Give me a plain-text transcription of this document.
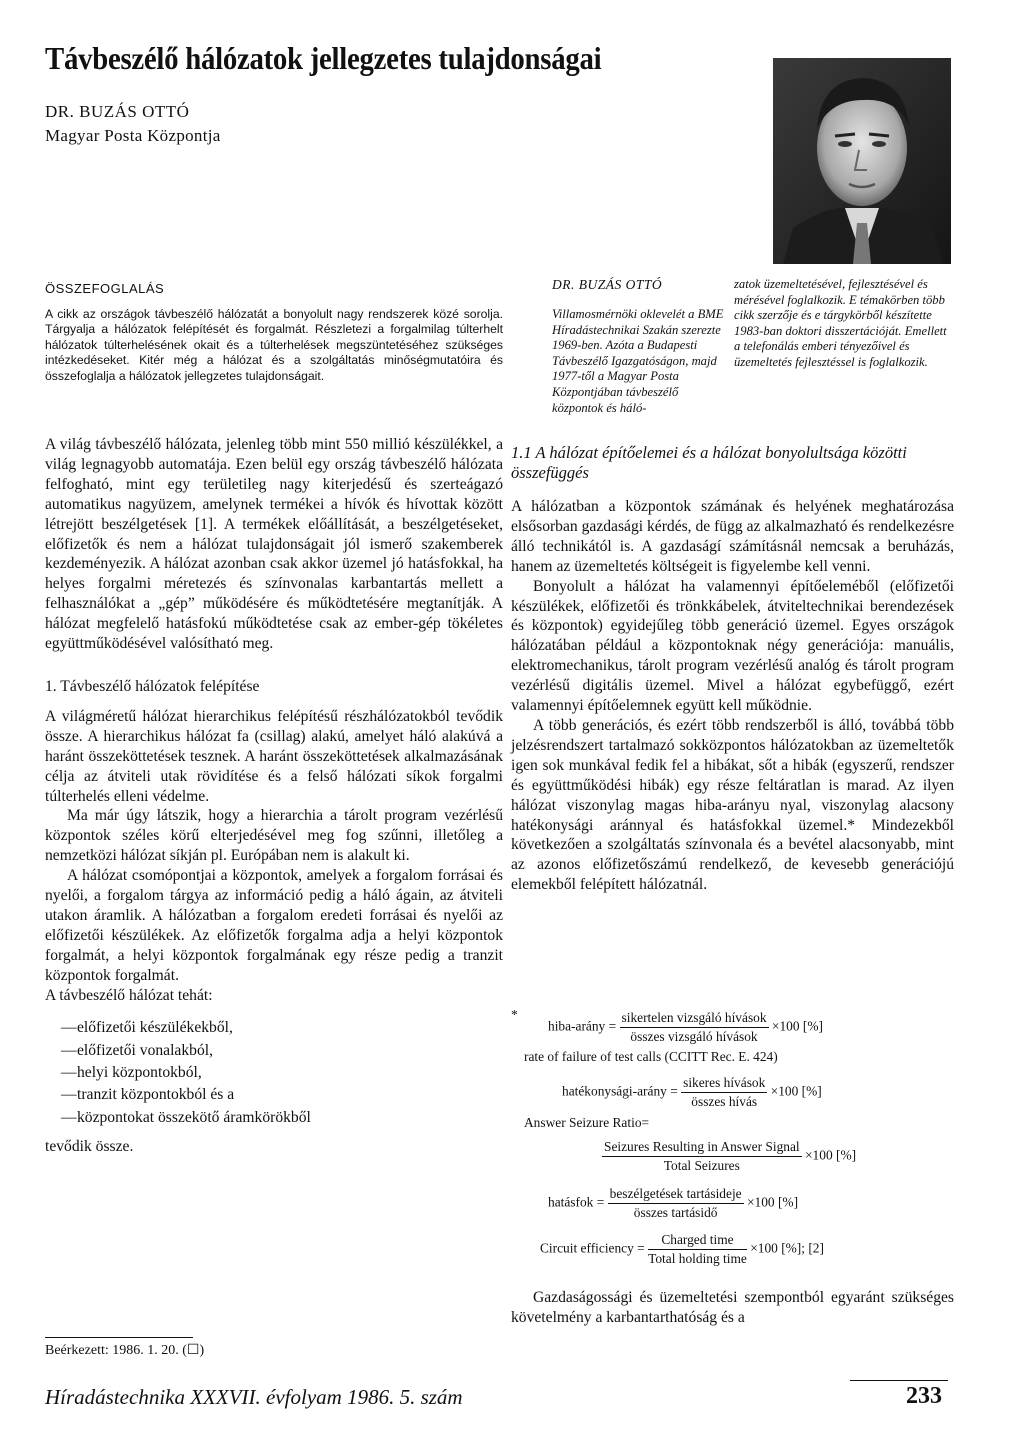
Távbeszélő hálózatok jellegzetes tulajdonságai
DR. BUZÁS OTTÓ
Magyar Posta Központja
ÖSSZEFOGLALÁS
A cikk az országok távbeszélő hálózatát a bonyolult nagy rendszerek közé sorolja. Tárgyalja a hálózatok felépítését és forgalmát. Részletezi a forgalmilag túlterhelt hálózatok túlterhelésének okait és a túlterhelések megszüntetéséhez szükséges intézkedéseket. Kitér még a hálózat és a szolgáltatás minőségmutatóira és összefoglalja a hálózatok jellegzetes tulajdonságait.
DR. BUZÁS OTTÓ
Villamosmérnöki oklevelét a BME Híradástechnikai Szakán szerezte 1969-ben. Azóta a Budapesti Távbeszélő Igazgatóságon, majd 1977-től a Magyar Posta Központjában távbeszélő központok és háló-
zatok üzemeltetésével, fejlesztésével és mérésével foglalkozik. E témakörben több cikk szerzője és e tárgykörből készítette 1983-ban doktori disszertációját. Emellett a telefonálás emberi tényezőivel és üzemeltetés fejlesztéssel is foglalkozik.

A világ távbeszélő hálózata, jelenleg több mint 550 millió készülékkel, a világ legnagyobb automatája. Ezen belül egy ország távbeszélő hálózata felfogható, mint egy területileg nagy kiterjedésű és szerteágazó automatikus nagyüzem, amelynek termékei a hívók és hívottak között létrejött beszélgetések [1]. A termékek előállítását, a beszélgetéseket, előfizetők és nem a hálózat tulajdonságait jól ismerő szakemberek kezdeményezik. A hálózat azonban csak akkor üzemel jó hatásfokkal, ha helyes forgalmi méretezés és színvonalas karbantartás mellett a felhasználókat a „gép” működésére és működtetésére megtanítják. A hálózat megfelelő hatásfokú működtetése csak az ember-gép tökéletes együttműködésével valósítható meg.

1. Távbeszélő hálózatok felépítése

A világméretű hálózat hierarchikus felépítésű részhálózatokból tevődik össze. A hierarchikus hálózat fa (csillag) alakú, amelyet háló alakúvá a haránt összeköttetések tesznek. A haránt összeköttetések alkalmazásának célja az átviteli utak rövidítése és a felső hálózati síkok forgalmi túlterhelés elleni védelme.

Ma már úgy látszik, hogy a hierarchia a tárolt program vezérlésű központok széles körű elterjedésével meg fog szűnni, illetőleg a nemzetközi hálózat síkján pl. Európában nem is alakult ki.

A hálózat csomópontjai a központok, amelyek a forgalom forrásai és nyelői, a forgalom tárgya az információ pedig a háló ágain, az átviteli utakon áramlik. A hálózatban a forgalom eredeti forrásai és nyelői az előfizetői készülékek. Az előfizetők forgalma adja a helyi központok forgalmát, a helyi központok forgalmának egy része pedig a tranzit központok forgalmát.

A távbeszélő hálózat tehát:

— előfizetői készülékekből,
— előfizetői vonalakból,
— helyi központokból,
— tranzit központokból és a
— központokat összekötő áramkörökből

tevődik össze.

Beérkezett: 1986. 1. 20. (☐)
1.1 A hálózat építőelemei és a hálózat bonyolultsága közötti összefüggés

A hálózatban a központok számának és helyének meghatározása elsősorban gazdasági kérdés, de függ az alkalmazható és rendelkezésre álló technikától is. A gazdaságí számításnál nemcsak a beruházás, hanem az üzemeltetés költségeit is figyelembe kell venni.

Bonyolult a hálózat ha valamennyi építőeleméből (előfizetői készülékek, előfizetői és trönkkábelek, átviteltechnikai berendezések és központok) egyidejűleg több generáció üzemel. Egyes országok hálózatában például a központoknak négy generációja: manuális, elektromechanikus, tárolt program vezérlésű analóg és tárolt program vezérlésű digitális üzemel. Mivel a hálózat egybefüggő, ezért valamennyi építőelemnek együtt kell működnie.

A több generációs, és ezért több rendszerből is álló, továbbá több jelzésrendszert tartalmazó sokközpontos hálózatokban az üzemeltetők igen sok munkával fedik fel a hibákat, sőt a hibák (egyszerű, rendszer és együttműködési hibák) egy része feltáratlan is marad. Az ilyen hálózat viszonylag magas hiba-arányu nyal, viszonylag alacsony hatékonysági aránnyal és hatásfokkal üzemel.* Mindezekből következően a szolgáltatás színvonala és a bevétel alacsonyabb, mint az azonos előfizetőszámú rendelkező, de kevesebb generációjú elemekből felépített hálózatnál.

*
hiba-arány = $\frac{\text{sikertelen vizsgáló hívások}}{\text{összes vizsgáló hívások}} \times 100$ [%]
rate of failure of test calls (CCITT Rec. E. 424)
hatékonysági-arány = $\frac{\text{sikeres hívások}}{\text{összes hívás}} \times 100$ [%]
Answer Seizure Ratio=
$\frac{\text{Seizures Resulting in Answer Signal}}{\text{Total Seizures}} \times 100$ [%]
hatásfok = $\frac{\text{beszélgetések tartásideje}}{\text{összes tartásidő}} \times 100$ [%]
Circuit efficiency = $\frac{\text{Charged time}}{\text{Total holding time}} \times 100$ [%]; [2]
Gazdaságossági és üzemeltetési szempontból egyaránt szükséges követelmény a karbantarthatóság és a
Híradástechnika XXXVII. évfolyam 1986. 5. szám	233
